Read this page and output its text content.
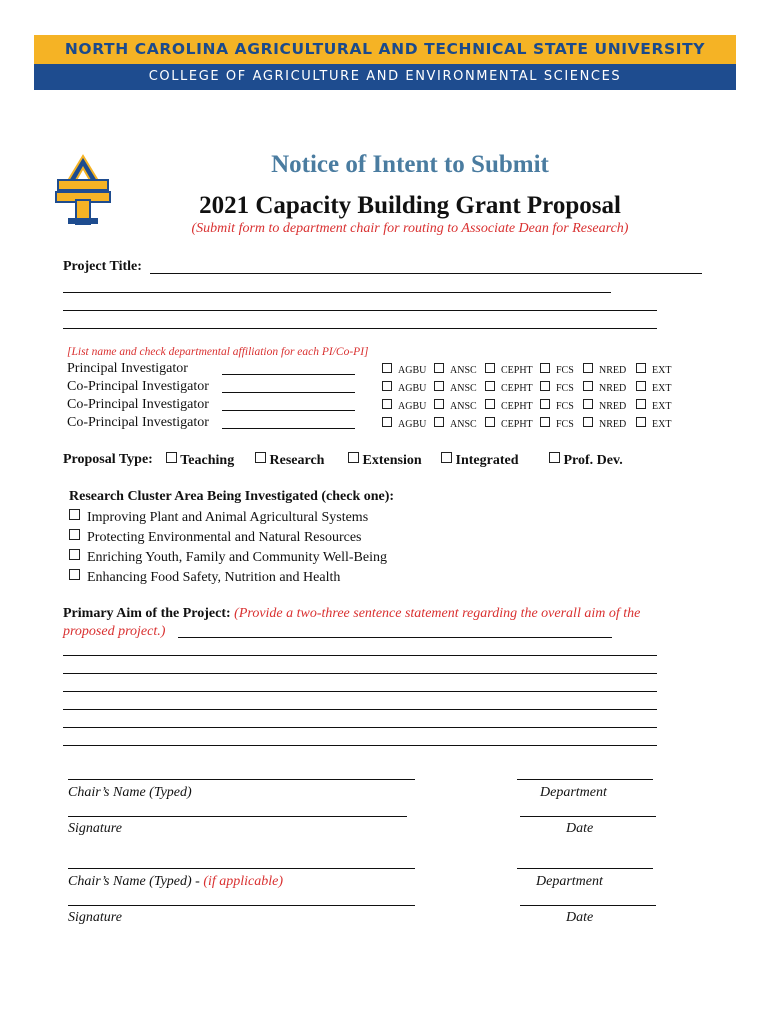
NORTH CAROLINA AGRICULTURAL AND TECHNICAL STATE UNIVERSITY
COLLEGE OF AGRICULTURE AND ENVIRONMENTAL SCIENCES
Notice of Intent to Submit
2021 Capacity Building Grant Proposal
(Submit form to department chair for routing to Associate Dean for Research)
Project Title:
[List name and check departmental affiliation for each PI/Co-PI]
Principal Investigator	AGBU	ANSC	CEPHT	FCS	NRED	EXT
Co-Principal Investigator	AGBU	ANSC	CEPHT	FCS	NRED	EXT
Co-Principal Investigator	AGBU	ANSC	CEPHT	FCS	NRED	EXT
Co-Principal Investigator	AGBU	ANSC	CEPHT	FCS	NRED	EXT
Proposal Type:	Teaching	Research	Extension	Integrated	Prof. Dev.
Research Cluster Area Being Investigated (check one):
Improving Plant and Animal Agricultural Systems
Protecting Environmental and Natural Resources
Enriching Youth, Family and Community Well-Being
Enhancing Food Safety, Nutrition and Health
Primary Aim of the Project: (Provide a two-three sentence statement regarding the overall aim of the
proposed project.)
Chair’s Name (Typed)	Department
Signature	Date
Chair’s Name (Typed) - (if applicable)	Department
Signature	Date
